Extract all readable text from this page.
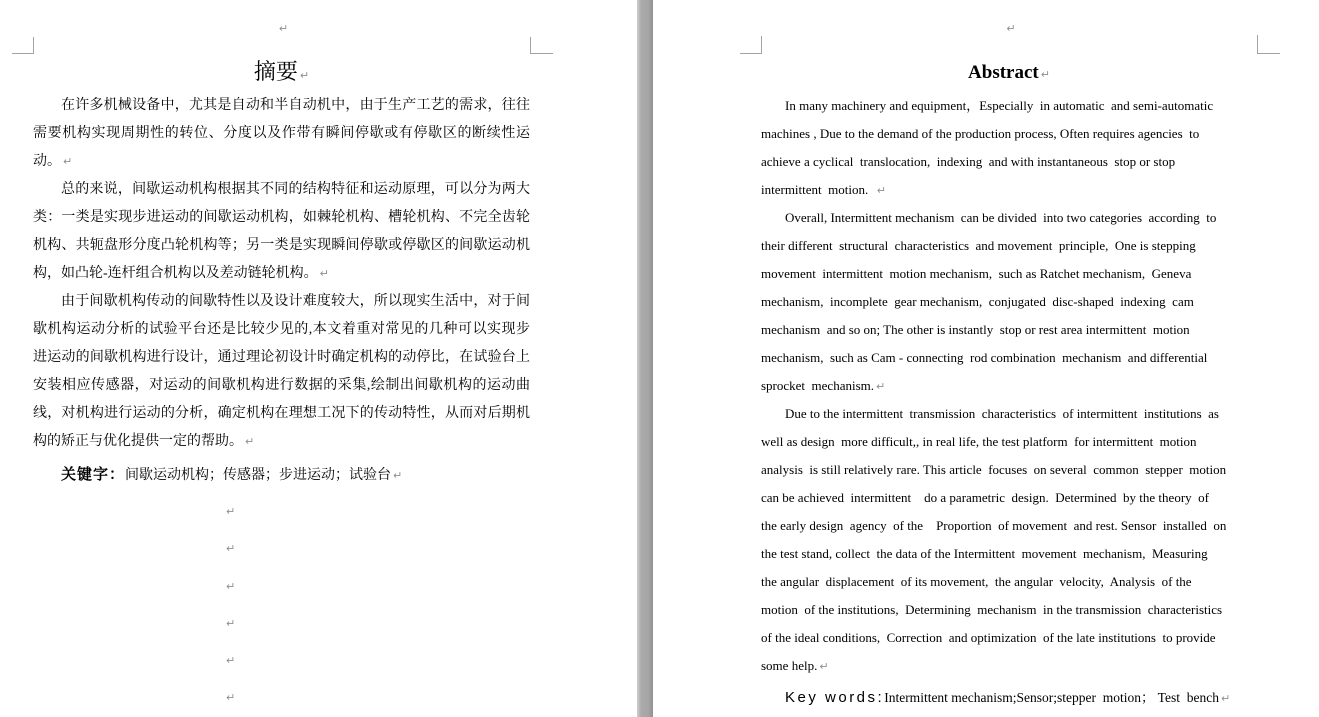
↵
摘要 ↵
在许多机械设备中，尤其是自动和半自动机中，由于生产工艺的需求，往往
需要机构实现周期性的转位、分度以及作带有瞬间停歇或有停歇区的断续性运
动。 ↵
总的来说，间歇运动机构根据其不同的结构特征和运动原理，可以分为两大
类：一类是实现步进运动的间歇运动机构，如棘轮机构、槽轮机构、不完全齿轮
机构、共轭盘形分度凸轮机构等；另一类是实现瞬间停歇或停歇区的间歇运动机
构，如凸轮-连杆组合机构以及差动链轮机构。 ↵
由于间歇机构传动的间歇特性以及设计难度较大，所以现实生活中，对于间
歇机构运动分析的试验平台还是比较少见的,本文着重对常见的几种可以实现步
进运动的间歇机构进行设计，通过理论初设计时确定机构的动停比，在试验台上
安装相应传感器，对运动的间歇机构进行数据的采集,绘制出间歇机构的运动曲
线，对机构进行运动的分析，确定机构在理想工况下的传动特性，从而对后期机
构的矫正与优化提供一定的帮助。 ↵
关键字：间歇运动机构；传感器；步进运动；试验台 ↵
↵
↵
↵
↵
↵
↵
↵
Abstract ↵
In many machinery and equipment，Especially  in automatic  and semi-automatic
machines , Due to the demand of the production process, Often requires agencies  to
achieve a cyclical  translocation,  indexing  and with instantaneous  stop or stop
intermittent  motion.  ↵
Overall, Intermittent mechanism  can be divided  into two categories  according  to
their different  structural  characteristics  and movement  principle,  One is stepping
movement  intermittent  motion mechanism,  such as Ratchet mechanism,  Geneva
mechanism,  incomplete  gear mechanism,  conjugated  disc-shaped  indexing  cam
mechanism  and so on; The other is instantly  stop or rest area intermittent  motion
mechanism,  such as Cam - connecting  rod combination  mechanism  and differential
sprocket  mechanism. ↵
Due to the intermittent  transmission  characteristics  of intermittent  institutions  as
well as design  more difficult,, in real life, the test platform  for intermittent  motion
analysis  is still relatively rare. This article  focuses  on several  common  stepper  motion
can be achieved  intermittent    do a parametric  design.  Determined  by the theory  of
the early design  agency  of the    Proportion  of movement  and rest. Sensor  installed  on
the test stand, collect  the data of the Intermittent  movement  mechanism,  Measuring
the angular  displacement  of its movement,  the angular  velocity,  Analysis  of the
motion  of the institutions,  Determining  mechanism  in the transmission  characteristics
of the ideal conditions,  Correction  and optimization  of the late institutions  to provide
some help. ↵
Key words:Intermittent mechanism;Sensor;stepper  motion； Test  bench ↵
